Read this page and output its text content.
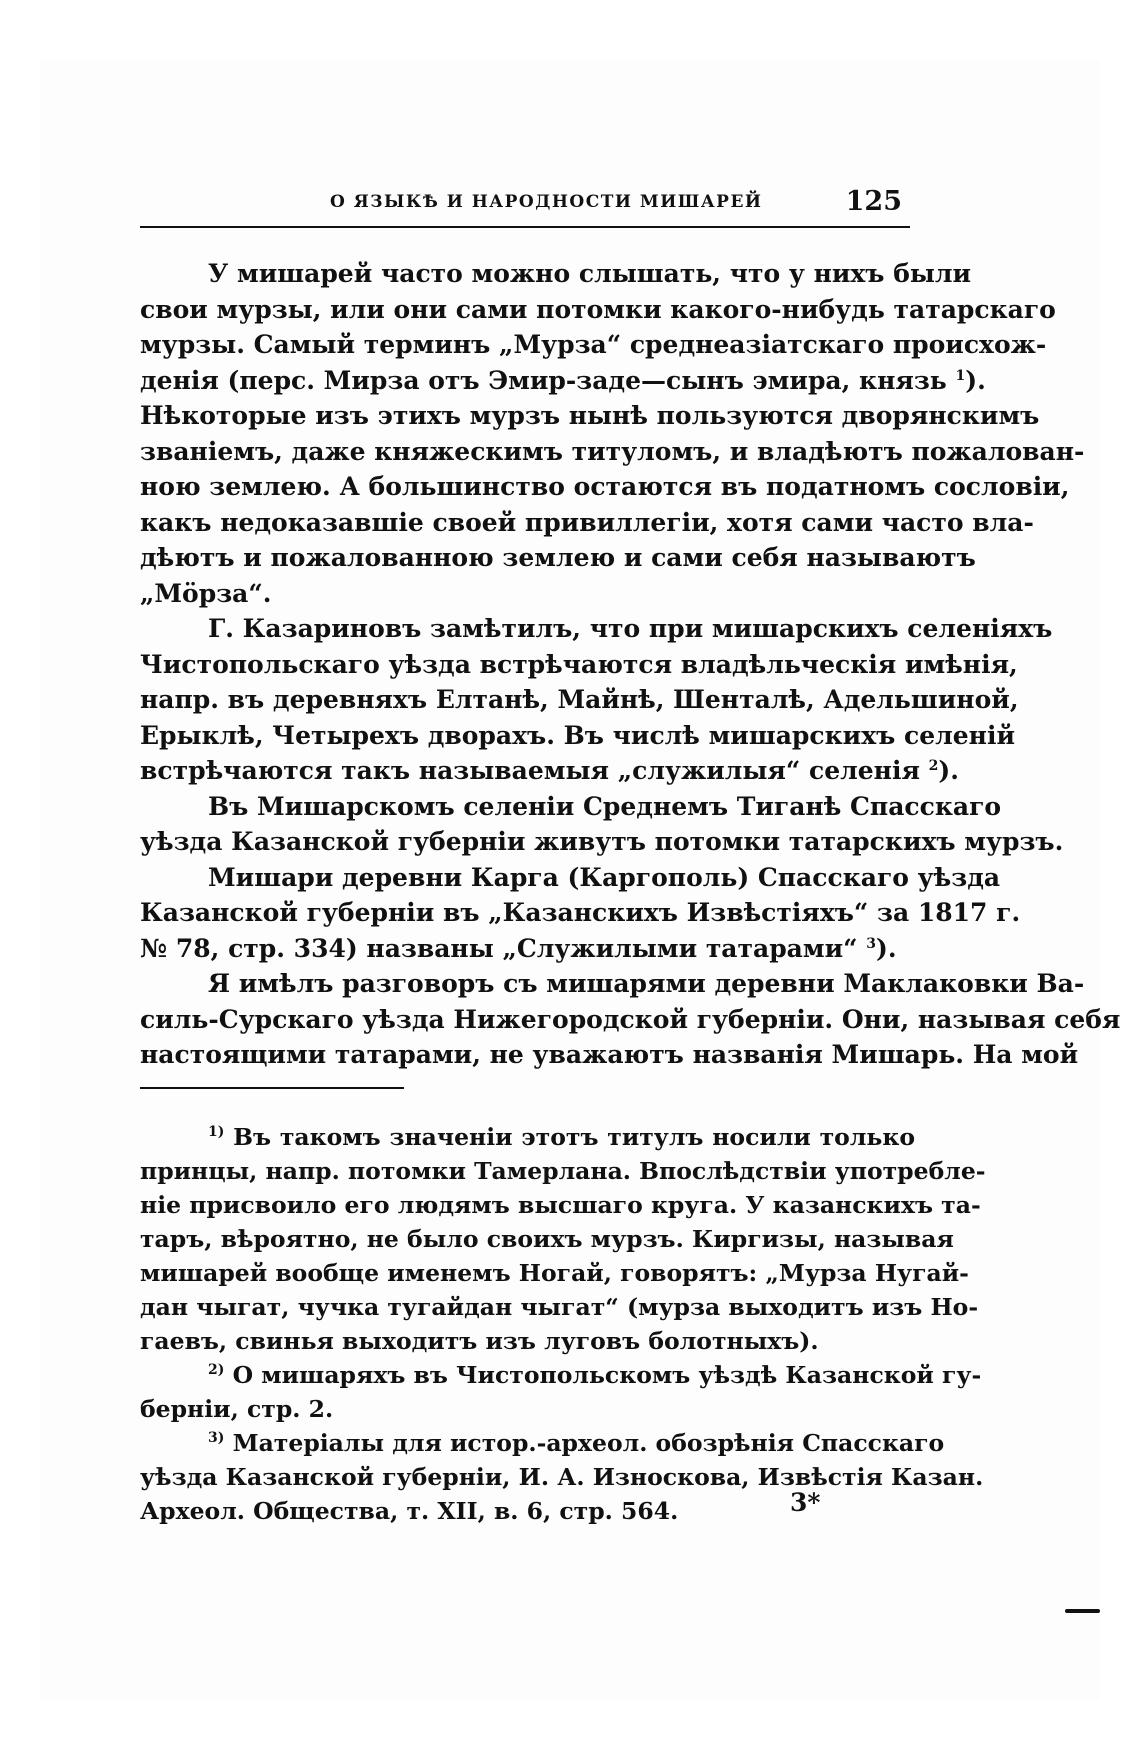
О ЯЗЫКѢ И НАРОДНОСТИ МИШАРЕЙ	125
У мишарей часто можно слышать, что у нихъ были
свои мурзы, или они сами потомки какого-нибудь татарскаго
мурзы. Самый терминъ „Мурза“ среднеазіатскаго происхож-
денія (перс. Мирза отъ Эмир-заде—сынъ эмира, князь $^1$).
Нѣкоторые изъ этихъ мурзъ нынѣ пользуются дворянскимъ
званіемъ, даже княжескимъ титуломъ, и владѣютъ пожалован-
ною землею. А большинство остаются въ податномъ сословіи,
какъ недоказавшіе своей привиллегіи, хотя сами часто вла-
дѣютъ и пожалованною землею и сами себя называютъ
„Мöрза“.
Г. Казариновъ замѣтилъ, что при мишарскихъ селеніяхъ
Чистопольскаго уѣзда встрѣчаются владѣльческія имѣнія,
напр. въ деревняхъ Елтанѣ, Майнѣ, Шенталѣ, Адельшиной,
Ерыклѣ, Четырехъ дворахъ. Въ числѣ мишарскихъ селеній
встрѣчаются такъ называемыя „служилыя“ селенія $^2$).
Въ Мишарскомъ селеніи Среднемъ Тиганѣ Спасскаго
уѣзда Казанской губерніи живутъ потомки татарскихъ мурзъ.
Мишари деревни Карга (Каргополь) Спасскаго уѣзда
Казанской губерніи въ „Казанскихъ Извѣстіяхъ“ за 1817 г.
№ 78, стр. 334) названы „Служилыми татарами“ $^3$).
Я имѣлъ разговоръ съ мишарями деревни Маклаковки Ва-
силь-Сурскаго уѣзда Нижегородской губерніи. Они, называя себя
настоящими татарами, не уважаютъ названія Мишарь. На мой
$^{1)}$ Въ такомъ значеніи этотъ титулъ носили только
принцы, напр. потомки Тамерлана. Впослѣдствіи употребле-
ніе присвоило его людямъ высшаго круга. У казанскихъ та-
таръ, вѣроятно, не было своихъ мурзъ. Киргизы, называя
мишарей вообще именемъ Ногай, говорятъ: „Мурза Нугай-
дан чыгат, чучка тугайдан чыгат“ (мурза выходитъ изъ Но-
гаевъ, свинья выходитъ изъ луговъ болотныхъ).
$^{2)}$ О мишаряхъ въ Чистопольскомъ уѣздѣ Казанской гу-
берніи, стр. 2.
$^{3)}$ Матеріалы для истор.-археол. обозрѣнія Спасскаго
уѣзда Казанской губерніи, И. А. Износкова, Извѣстія Казан.
Археол. Общества, т. XII, в. 6, стр. 564.	3*
